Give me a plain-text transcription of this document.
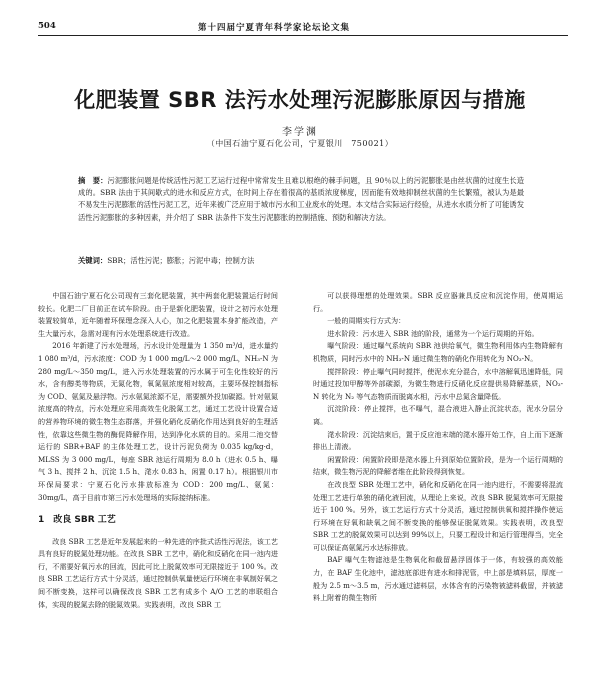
504	第十四届宁夏青年科学家论坛论文集
化肥装置 SBR 法污水处理污泥膨胀原因与措施
李学渊
（中国石油宁夏石化公司，宁夏银川　750021）
摘　要：污泥膨胀问题是传统活性污泥工艺运行过程中常常发生且难以根绝的棘手问题，且 90％以上的污泥膨胀是由丝状菌的过度生长造成的。SBR 法由于其间歇式的进水和反应方式，在时间上存在着很高的基质浓度梯度，因而能有效地抑制丝状菌的生长繁殖，被认为是最不易发生污泥膨胀的活性污泥工艺，近年来被广泛应用于城市污水和工业废水的处理。本文结合实际运行经验，从进水水质分析了可能诱发活性污泥膨胀的多种因素，并介绍了 SBR 法条件下发生污泥膨胀的控制措施、预防和解决方法。
关键词：SBR；活性污泥；膨胀；污泥中毒；控制方法

中国石油宁夏石化公司现有三套化肥装置，其中两套化肥装置运行时间较长。化肥二厂目前正在试车阶段。由于是新化肥装置，设计之初污水处理装置较简单，近年随着环保理念深入人心，加之化肥装置本身扩能改造，产生大量污水，急需对现有污水处理系统进行改造。

2016 年新建了污水处理场，污水设计处理量为 1 350 m³/d，进水量约 1 080 m³/d，污水浓度：COD 为 1 000 mg/L～2 000 mg/L，NH₃-N 为 280 mg/L～350 mg/L，进入污水处理装置的污水属于可生化性较好的污水，含有醇类等物质，无氮化物，氧氮氨浓度相对较高，主要环保控制指标为 COD、氨氮及悬浮物。污水氨氮浓源不足，需要额外投加碳源。针对氨氮浓度高的特点，污水处理应采用高效生化脱氮工艺，通过工艺设计设置合适的营养物环境的微生物生态群落，并强化硝化反硝化作用达到良好的生理活性，依靠这些微生物的酶促降解作用，达到净化水质的目的。采用二池交替运行的 SBR+BAF 的主体处理工艺，设计污泥负荷为 0.035 kg/kg·d，MLSS 为 3 000 mg/L，每座 SBR 池运行周期为 8.0 h（进水 0.5 h、曝气 3 h、搅拌 2 h、沉淀 1.5 h、滗水 0.83 h、闲置 0.17 h）。根据银川市环保局要求：宁夏石化污水排放标准为 COD：200 mg/L、氨氮：30mg/L，高于目前市第三污水处理场的实际接纳标准。

1　改良 SBR 工艺

改良 SBR 工艺是近年发展起来的一种先进的序批式活性污泥法，该工艺具有良好的脱氮处理功能。在改良 SBR 工艺中，硝化和反硝化在同一池内进行，不需要好氧污水的回流，因此可比上脱氮效率可无限接近于 100 %。改良 SBR 工艺运行方式十分灵活，通过控制供氧量使运行环境在非氧制好氧之间不断变换，这样可以确保改良 SBR 工艺有成多个 A/O 工艺的串联组合体，实现的脱氮去除的脱氮效果。实践表明，改良 SBR 工

可以获得理想的处理效果。SBR 反应器兼具反应和沉淀作用，使周期运行。

一般的周期实行方式为：

进水阶段：污水进入 SBR 池的阶段，通常为一个运行周期的开始。

曝气阶段：通过曝气系统向 SBR 池供给氧气，微生物利用体内生物降解有机物质，同时污水中的 NH₃-N 通过微生物的硝化作用转化为 NO₃-N。

搅拌阶段：停止曝气同时搅拌，使泥水充分混合，水中溶解氧迅速降低，同时通过投加甲醇等外部碳源，为微生物进行反硝化反应提供易降解基质，NO₃-N 转化为 N₂ 等气态物质而脱离水相，污水中总氮含量降低。

沉淀阶段：停止搅拌，也不曝气，混合液进入静止沉淀状态，泥水分层分离。

滗水阶段：沉淀结束后，置于反应池末端的滗水器开始工作，自上而下逐渐排出上清液。

闲置阶段：闲置阶段即是滗水器上升到原始位置阶段，是为一个运行周期的结束，微生物污泥的降解者维在此阶段得到恢复。

在改良型 SBR 处理工艺中，硝化和反硝化在同一池内进行，不需要将混流处理工艺进行单独的硝化液回流，从理论上来说，改良 SBR 脱氮效率可无限接近于 100 %。另外，该工艺运行方式十分灵活，通过控制供氧和搅拌操作使运行环境在好氧和缺氧之间不断变换的能够保证脱氮效果。实践表明，改良型 SBR 工艺的脱氮效果可以达到 99%以上，只要工程设计和运行管理得当，完全可以保证高氨氮污水达标排放。

BAF 曝气生物滤池是生物氧化和截留悬浮固体于一体，有较强的高效能力，在 BAF 生化池中，滤池底部进有进水和排泥管，中上部是填料层，厚度一般为 2.5 m～3.5 m，污水通过滤料层，水体含有的污染物被滤料截留，并被滤料上附着的微生物所
